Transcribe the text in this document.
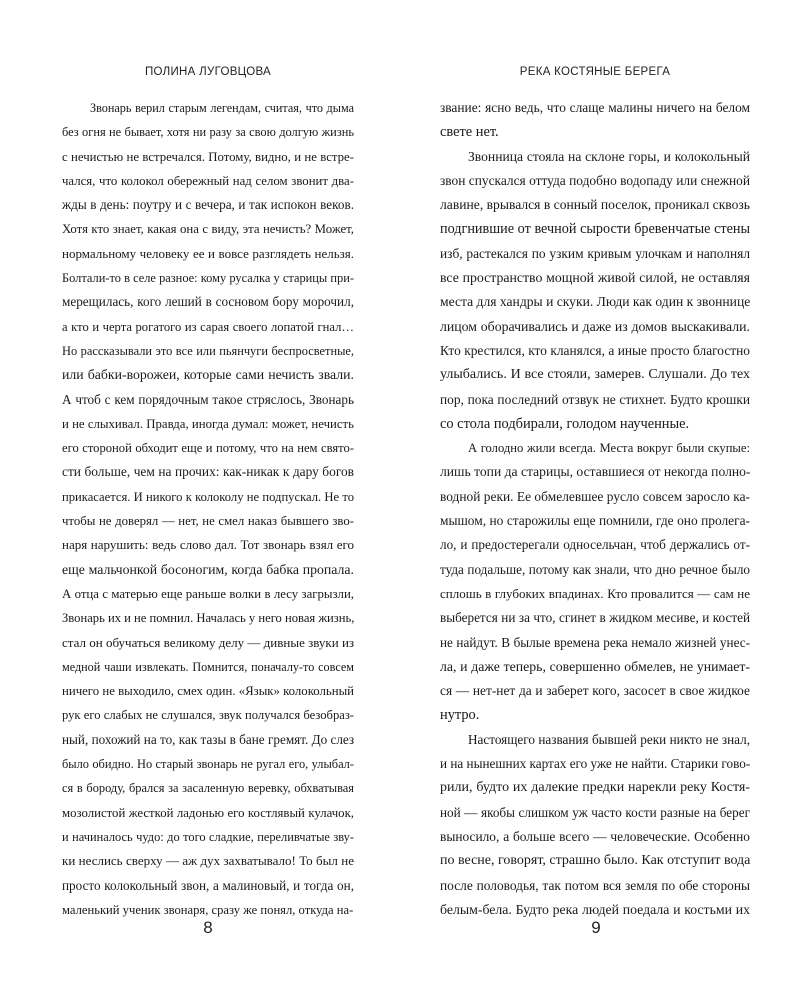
ПОЛИНА ЛУГОВЦОВА
Звонарь верил старым легендам, считая, что дыма
без огня не бывает, хотя ни разу за свою долгую жизнь
с нечистью не встречался. Потому, видно, и не встре-
чался, что колокол обережный над селом звонит два-
жды в день: поутру и с вечера, и так испокон веков.
Хотя кто знает, какая она с виду, эта нечисть? Может,
нормальному человеку ее и вовсе разглядеть нельзя.
Болтали-то в селе разное: кому русалка у старицы при-
мерещилась, кого леший в сосновом бору морочил,
а кто и черта рогатого из сарая своего лопатой гнал…
Но рассказывали это все или пьянчуги беспросветные,
или бабки-ворожеи, которые сами нечисть звали.
А чтоб с кем порядочным такое стряслось, Звонарь
и не слыхивал. Правда, иногда думал: может, нечисть
его стороной обходит еще и потому, что на нем свято-
сти больше, чем на прочих: как-никак к дару богов
прикасается. И никого к колоколу не подпускал. Не то
чтобы не доверял — нет, не смел наказ бывшего зво-
наря нарушить: ведь слово дал. Тот звонарь взял его
еще мальчонкой босоногим, когда бабка пропала.
А отца с матерью еще раньше волки в лесу загрызли,
Звонарь их и не помнил. Началась у него новая жизнь,
стал он обучаться великому делу — дивные звуки из
медной чаши извлекать. Помнится, поначалу-то совсем
ничего не выходило, смех один. «Язык» колокольный
рук его слабых не слушался, звук получался безобраз-
ный, похожий на то, как тазы в бане гремят. До слез
было обидно. Но старый звонарь не ругал его, улыбал-
ся в бороду, брался за засаленную веревку, обхватывая
мозолистой жесткой ладонью его костлявый кулачок,
и начиналось чудо: до того сладкие, переливчатые зву-
ки неслись сверху — аж дух захватывало! То был не
просто колокольный звон, а малиновый, и тогда он,
маленький ученик звонаря, сразу же понял, откуда на-
8
РЕКА КОСТЯНЫЕ БЕРЕГА
звание: ясно ведь, что слаще малины ничего на белом
свете нет.
Звонница стояла на склоне горы, и колокольный
звон спускался оттуда подобно водопаду или снежной
лавине, врывался в сонный поселок, проникал сквозь
подгнившие от вечной сырости бревенчатые стены
изб, растекался по узким кривым улочкам и наполнял
все пространство мощной живой силой, не оставляя
места для хандры и скуки. Люди как один к звоннице
лицом оборачивались и даже из домов выскакивали.
Кто крестился, кто кланялся, а иные просто благостно
улыбались. И все стояли, замерев. Слушали. До тех
пор, пока последний отзвук не стихнет. Будто крошки
со стола подбирали, голодом наученные.
А голодно жили всегда. Места вокруг были скупые:
лишь топи да старицы, оставшиеся от некогда полно-
водной реки. Ее обмелевшее русло совсем заросло ка-
мышом, но старожилы еще помнили, где оно пролега-
ло, и предостерегали односельчан, чтоб держались от-
туда подальше, потому как знали, что дно речное было
сплошь в глубоких впадинах. Кто провалится — сам не
выберется ни за что, сгинет в жидком месиве, и костей
не найдут. В былые времена река немало жизней унес-
ла, и даже теперь, совершенно обмелев, не унимает-
ся — нет-нет да и заберет кого, засосет в свое жидкое
нутро.
Настоящего названия бывшей реки никто не знал,
и на нынешних картах его уже не найти. Старики гово-
рили, будто их далекие предки нарекли реку Костя-
ной — якобы слишком уж часто кости разные на берег
выносило, а больше всего — человеческие. Особенно
по весне, говорят, страшно было. Как отступит вода
после половодья, так потом вся земля по обе стороны
белым-бела. Будто река людей поедала и костьми их
9
